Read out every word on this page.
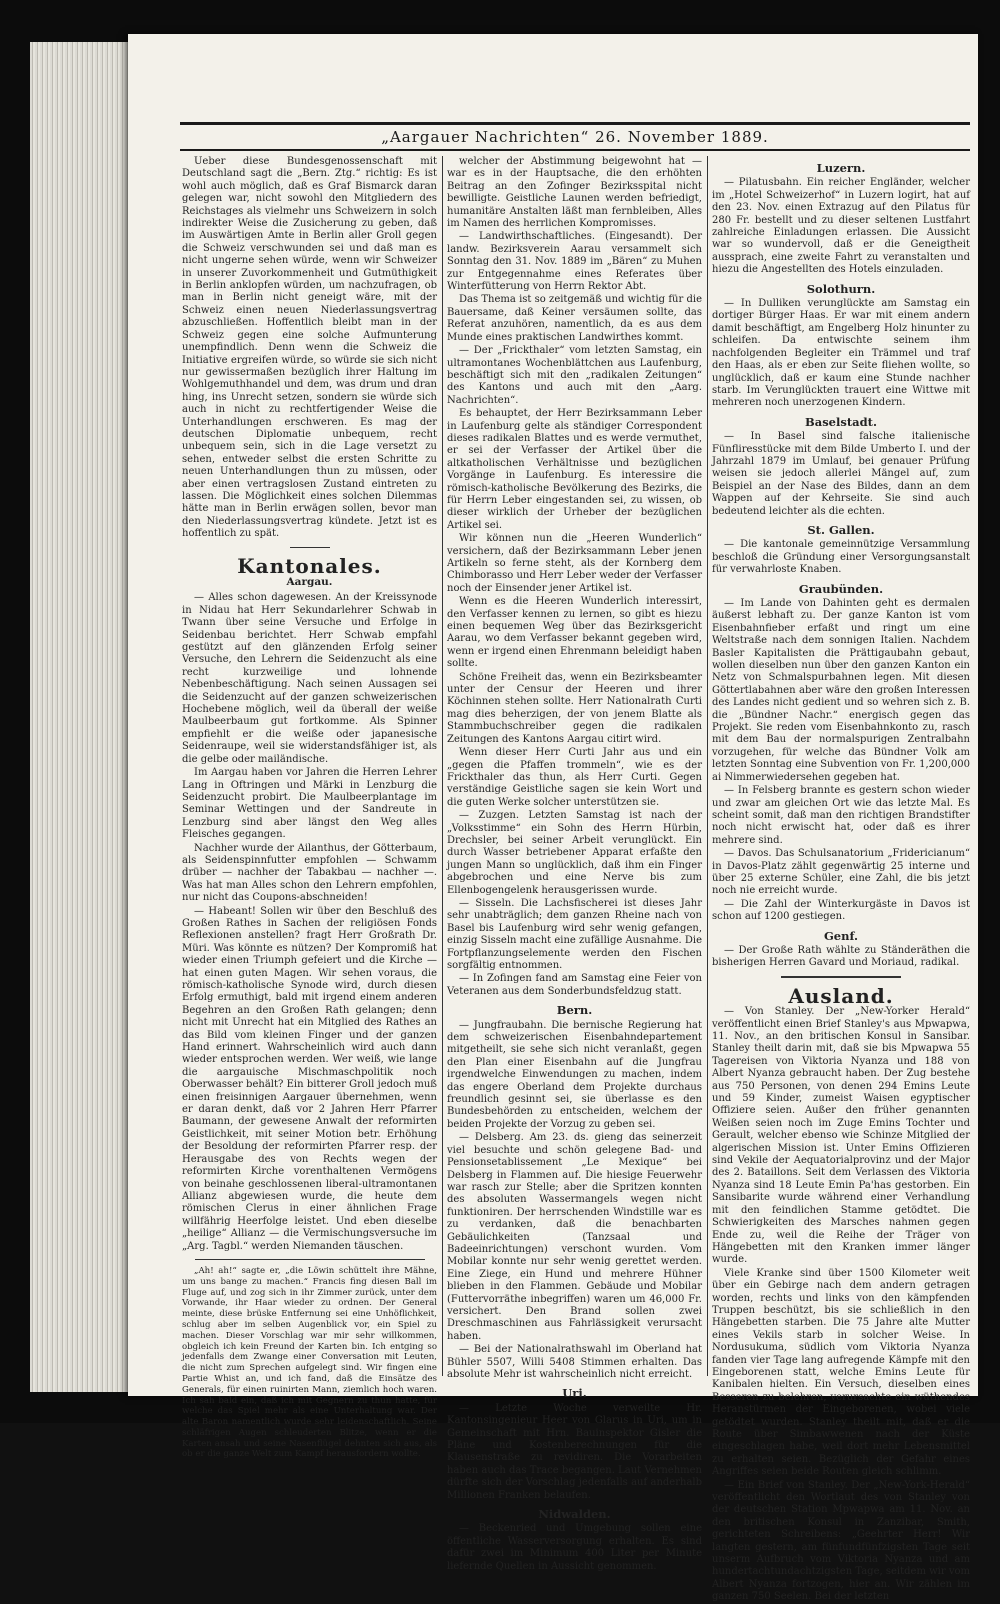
„Aargauer Nachrichten“ 26. November 1889.

Ueber diese Bundesgenossenschaft mit Deutschland sagt die „Bern. Ztg.“ richtig: Es ist wohl auch möglich, daß es Graf Bismarck daran gelegen war, nicht sowohl den Mitgliedern des Reichstages als vielmehr uns Schweizern in solch indirekter Weise die Zusicherung zu geben, daß im Auswärtigen Amte in Berlin aller Groll gegen die Schweiz verschwunden sei und daß man es nicht ungerne sehen würde, wenn wir Schweizer in unserer Zuvorkommenheit und Gutmüthigkeit in Berlin anklopfen würden, um nachzufragen, ob man in Berlin nicht geneigt wäre, mit der Schweiz einen neuen Niederlassungsvertrag abzuschließen. Hoffentlich bleibt man in der Schweiz gegen eine solche Aufmunterung unempfindlich. Denn wenn die Schweiz die Initiative ergreifen würde, so würde sie sich nicht nur gewissermaßen bezüglich ihrer Haltung im Wohlgemuthhandel und dem, was drum und dran hing, ins Unrecht setzen, sondern sie würde sich auch in nicht zu rechtfertigender Weise die Unterhandlungen erschweren. Es mag der deutschen Diplomatie unbequem, recht unbequem sein, sich in die Lage versetzt zu sehen, entweder selbst die ersten Schritte zu neuen Unterhandlungen thun zu müssen, oder aber einen vertragslosen Zustand eintreten zu lassen. Die Möglichkeit eines solchen Dilemmas hätte man in Berlin erwägen sollen, bevor man den Niederlassungsvertrag kündete. Jetzt ist es hoffentlich zu spät.

Kantonales.
Aargau.

— Alles schon dagewesen. An der Kreissynode in Nidau hat Herr Sekundarlehrer Schwab in Twann über seine Versuche und Erfolge in Seidenbau berichtet. Herr Schwab empfahl gestützt auf den glänzenden Erfolg seiner Versuche, den Lehrern die Seidenzucht als eine recht kurzweilige und lohnende Nebenbeschäftigung. Nach seinen Aussagen sei die Seidenzucht auf der ganzen schweizerischen Hochebene möglich, weil da überall der weiße Maulbeerbaum gut fortkomme. Als Spinner empfiehlt er die weiße oder japanesische Seidenraupe, weil sie widerstandsfähiger ist, als die gelbe oder mailändische.

Im Aargau haben vor Jahren die Herren Lehrer Lang in Oftringen und Märki in Lenzburg die Seidenzucht probirt. Die Maulbeerplantage im Seminar Wettingen und der Sandreute in Lenzburg sind aber längst den Weg alles Fleisches gegangen.

Nachher wurde der Ailanthus, der Götterbaum, als Seidenspinnfutter empfohlen — Schwamm drüber — nachher der Tabakbau — nachher —. Was hat man Alles schon den Lehrern empfohlen, nur nicht das Coupons-abschneiden!

— Habeant! Sollen wir über den Beschluß des Großen Rathes in Sachen der religiösen Fonds Reflexionen anstellen? fragt Herr Großrath Dr. Müri. Was könnte es nützen? Der Kompromiß hat wieder einen Triumph gefeiert und die Kirche — hat einen guten Magen. Wir sehen voraus, die römisch-katholische Synode wird, durch diesen Erfolg ermuthigt, bald mit irgend einem anderen Begehren an den Großen Rath gelangen; denn nicht mit Unrecht hat ein Mitglied des Rathes an das Bild vom kleinen Finger und der ganzen Hand erinnert. Wahrscheinlich wird auch dann wieder entsprochen werden. Wer weiß, wie lange die aargauische Mischmaschpolitik noch Oberwasser behält? Ein bitterer Groll jedoch muß einen freisinnigen Aargauer übernehmen, wenn er daran denkt, daß vor 2 Jahren Herr Pfarrer Baumann, der gewesene Anwalt der reformirten Geistlichkeit, mit seiner Motion betr. Erhöhung der Besoldung der reformirten Pfarrer resp. der Herausgabe des von Rechts wegen der reformirten Kirche vorenthaltenen Vermögens von beinahe geschlossenen liberal-ultramontanen Allianz abgewiesen wurde, die heute dem römischen Clerus in einer ähnlichen Frage willfährig Heerfolge leistet. Und eben dieselbe „heilige“ Allianz — die Vermischungsversuche im „Arg. Tagbl.“ werden Niemanden täuschen.

„Ah! ah!“ sagte er, „die Löwin schüttelt ihre Mähne, um uns bange zu machen.“ Francis fing diesen Ball im Fluge auf, und zog sich in ihr Zimmer zurück, unter dem Vorwande, ihr Haar wieder zu ordnen. Der General meinte, diese brüske Entfernung sei eine Unhöflichkeit, schlug aber im selben Augenblick vor, ein Spiel zu machen. Dieser Vorschlag war mir sehr willkommen, obgleich ich kein Freund der Karten bin. Ich entging so jedenfalls dem Zwange einer Conversation mit Leuten, die nicht zum Sprechen aufgelegt sind. Wir fingen eine Partie Whist an, und ich fand, daß die Einsätze des Generals, für einen ruinirten Mann, ziemlich hoch waren. Ich sah bald ein, daß ich mit Gegnern zu thun hatte, für welche das Spiel mehr als eine Unterhaltung war. Der alte Baron namentlich wurde sehr leidenschaftlich. Seine schläfrigen Augen schleuderten Blitze, wenn er die Karten ansah und seine Nasenflügel dehnten sich aus, als ob er die ganze Welt zum Kampf herausfordern wollte.

welcher der Abstimmung beigewohnt hat — war es in der Hauptsache, die den erhöhten Beitrag an den Zofinger Bezirksspital nicht bewilligte. Geistliche Launen werden befriedigt, humanitäre Anstalten läßt man fernbleiben, Alles im Namen des herrlichen Kompromisses.

— Landwirthschaftliches. (Eingesandt). Der landw. Bezirksverein Aarau versammelt sich Sonntag den 31. Nov. 1889 im „Bären“ zu Muhen zur Entgegennahme eines Referates über Winterfütterung von Herrn Rektor Abt.

Das Thema ist so zeitgemäß und wichtig für die Bauersame, daß Keiner versäumen sollte, das Referat anzuhören, namentlich, da es aus dem Munde eines praktischen Landwirthes kommt.

— Der „Frickthaler“ vom letzten Samstag, ein ultramontanes Wochenblättchen aus Laufenburg, beschäftigt sich mit den „radikalen Zeitungen“ des Kantons und auch mit den „Aarg. Nachrichten“.

Es behauptet, der Herr Bezirksammann Leber in Laufenburg gelte als ständiger Correspondent dieses radikalen Blattes und es werde vermuthet, er sei der Verfasser der Artikel über die altkatholischen Verhältnisse und bezüglichen Vorgänge in Laufenburg. Es interessire die römisch-katholische Bevölkerung des Bezirks, die für Herrn Leber eingestanden sei, zu wissen, ob dieser wirklich der Urheber der bezüglichen Artikel sei.

Wir können nun die „Heeren Wunderlich“ versichern, daß der Bezirksammann Leber jenen Artikeln so ferne steht, als der Kornberg dem Chimborasso und Herr Leber weder der Verfasser noch der Einsender jener Artikel ist.

Wenn es die Heeren Wunderlich interessirt, den Verfasser kennen zu lernen, so gibt es hiezu einen bequemen Weg über das Bezirksgericht Aarau, wo dem Verfasser bekannt gegeben wird, wenn er irgend einen Ehrenmann beleidigt haben sollte.

Schöne Freiheit das, wenn ein Bezirksbeamter unter der Censur der Heeren und ihrer Köchinnen stehen sollte. Herr Nationalrath Curti mag dies beherzigen, der von jenem Blatte als Stammbuchschreiber gegen die radikalen Zeitungen des Kantons Aargau citirt wird.

Wenn dieser Herr Curti Jahr aus und ein „gegen die Pfaffen trommeln“, wie es der Frickthaler das thun, als Herr Curti. Gegen verständige Geistliche sagen sie kein Wort und die guten Werke solcher unterstützen sie.

— Zuzgen. Letzten Samstag ist nach der „Volksstimme“ ein Sohn des Herrn Hürbin, Drechsler, bei seiner Arbeit verunglückt. Ein durch Wasser betriebener Apparat erfaßte den jungen Mann so unglücklich, daß ihm ein Finger abgebrochen und eine Nerve bis zum Ellenbogengelenk herausgerissen wurde.

— Sisseln. Die Lachsfischerei ist dieses Jahr sehr unabträglich; dem ganzen Rheine nach von Basel bis Laufenburg wird sehr wenig gefangen, einzig Sisseln macht eine zufällige Ausnahme. Die Fortpflanzungselemente werden den Fischen sorgfältig entnommen.

— In Zofingen fand am Samstag eine Feier von Veteranen aus dem Sonderbundsfeldzug statt.

Bern.

— Jungfraubahn. Die bernische Regierung hat dem schweizerischen Eisenbahndepartement mitgetheilt, sie sehe sich nicht veranlaßt, gegen den Plan einer Eisenbahn auf die Jungfrau irgendwelche Einwendungen zu machen, indem das engere Oberland dem Projekte durchaus freundlich gesinnt sei, sie überlasse es den Bundesbehörden zu entscheiden, welchem der beiden Projekte der Vorzug zu geben sei.

— Delsberg. Am 23. ds. gieng das seinerzeit viel besuchte und schön gelegene Bad- und Pensionsetablissement „Le Mexique“ bei Delsberg in Flammen auf. Die hiesige Feuerwehr war rasch zur Stelle; aber die Spritzen konnten des absoluten Wassermangels wegen nicht funktioniren. Der herrschenden Windstille war es zu verdanken, daß die benachbarten Gebäulichkeiten (Tanzsaal und Badeeinrichtungen) verschont wurden. Vom Mobilar konnte nur sehr wenig gerettet werden. Eine Ziege, ein Hund und mehrere Hühner blieben in den Flammen. Gebäude und Mobilar (Futtervorräthe inbegriffen) waren um 46,000 Fr. versichert. Den Brand sollen zwei Dreschmaschinen aus Fahrlässigkeit verursacht haben.

— Bei der Nationalrathswahl im Oberland hat Bühler 5507, Willi 5408 Stimmen erhalten. Das absolute Mehr ist wahrscheinlich nicht erreicht.

Uri.

— Letzte Woche verweilte Hr. Kantonsingenieur Heer von Glarus in Uri, um in Gemeinschaft mit Hrn. Bauinspektor Gisler die Pläne und Kostenberechnungen für die Klausenstraße zu revidiren. Die Vorarbeiten haben auch das Trace begangen. Laut Vernehmen dürfte sich der Vorschlag jedenfalls auf anderhalb Millionen Franken belaufen.

Nidwalden.

— Beckenried und Umgebung sollen eine öffentliche Wasserversorgung erhalten. Es sind dafür zwei im Minimum 400 Liter per Minute liefernde Quellen in Aussicht genommen.

Luzern.

— Pilatusbahn. Ein reicher Engländer, welcher im „Hotel Schweizerhof“ in Luzern logirt, hat auf den 23. Nov. einen Extrazug auf den Pilatus für 280 Fr. bestellt und zu dieser seltenen Lustfahrt zahlreiche Einladungen erlassen. Die Aussicht war so wundervoll, daß er die Geneigtheit aussprach, eine zweite Fahrt zu veranstalten und hiezu die Angestellten des Hotels einzuladen.

Solothurn.

— In Dulliken verunglückte am Samstag ein dortiger Bürger Haas. Er war mit einem andern damit beschäftigt, am Engelberg Holz hinunter zu schleifen. Da entwischte seinem ihm nachfolgenden Begleiter ein Trämmel und traf den Haas, als er eben zur Seite fliehen wollte, so unglücklich, daß er kaum eine Stunde nachher starb. Im Verunglückten trauert eine Wittwe mit mehreren noch unerzogenen Kindern.

Baselstadt.

— In Basel sind falsche italienische Fünfliresstücke mit dem Bilde Umberto I. und der Jahrzahl 1879 im Umlauf, bei genauer Prüfung weisen sie jedoch allerlei Mängel auf, zum Beispiel an der Nase des Bildes, dann an dem Wappen auf der Kehrseite. Sie sind auch bedeutend leichter als die echten.

St. Gallen.

— Die kantonale gemeinnützige Versammlung beschloß die Gründung einer Versorgungsanstalt für verwahrloste Knaben.

Graubünden.

— Im Lande von Dahinten geht es dermalen äußerst lebhaft zu. Der ganze Kanton ist vom Eisenbahnfieber erfaßt und ringt um eine Weltstraße nach dem sonnigen Italien. Nachdem Basler Kapitalisten die Prättigaubahn gebaut, wollen dieselben nun über den ganzen Kanton ein Netz von Schmalspurbahnen legen. Mit diesen Göttertlabahnen aber wäre den großen Interessen des Landes nicht gedient und so wehren sich z. B. die „Bündner Nachr.“ energisch gegen das Projekt. Sie reden vom Eisenbahnkonto zu, rasch mit dem Bau der normalspurigen Zentralbahn vorzugehen, für welche das Bündner Volk am letzten Sonntag eine Subvention von Fr. 1,200,000 ai Nimmerwiedersehen gegeben hat.

— In Felsberg brannte es gestern schon wieder und zwar am gleichen Ort wie das letzte Mal. Es scheint somit, daß man den richtigen Brandstifter noch nicht erwischt hat, oder daß es ihrer mehrere sind.

— Davos. Das Schulsanatorium „Fridericianum“ in Davos-Platz zählt gegenwärtig 25 interne und über 25 externe Schüler, eine Zahl, die bis jetzt noch nie erreicht wurde.

— Die Zahl der Winterkurgäste in Davos ist schon auf 1200 gestiegen.

Genf.

— Der Große Rath wählte zu Ständeräthen die bisherigen Herren Gavard und Moriaud, radikal.

Ausland.

— Von Stanley. Der „New-Yorker Herald“ veröffentlicht einen Brief Stanley's aus Mpwapwa, 11. Nov., an den britischen Konsul in Sansibar. Stanley theilt darin mit, daß sie bis Mpwapwa 55 Tagereisen von Viktoria Nyanza und 188 von Albert Nyanza gebraucht haben. Der Zug bestehe aus 750 Personen, von denen 294 Emins Leute und 59 Kinder, zumeist Waisen egyptischer Offiziere seien. Außer den früher genannten Weißen seien noch im Zuge Emins Tochter und Gerault, welcher ebenso wie Schinze Mitglied der algerischen Mission ist. Unter Emins Offizieren sind Vekile der Aequatorialprovinz und der Major des 2. Bataillons. Seit dem Verlassen des Viktoria Nyanza sind 18 Leute Emin Pa'has gestorben. Ein Sansibarite wurde während einer Verhandlung mit den feindlichen Stamme getödtet. Die Schwierigkeiten des Marsches nahmen gegen Ende zu, weil die Reihe der Träger von Hängebetten mit den Kranken immer länger wurde.

Viele Kranke sind über 1500 Kilometer weit über ein Gebirge nach dem andern getragen worden, rechts und links von den kämpfenden Truppen beschützt, bis sie schließlich in den Hängebetten starben. Die 75 Jahre alte Mutter eines Vekils starb in solcher Weise. In Nordusukuma, südlich vom Viktoria Nyanza fanden vier Tage lang aufregende Kämpfe mit den Eingeborenen statt, welche Emins Leute für Kanibalen hielten. Ein Versuch, dieselben eines Besseren zu belehren, verursachte ein wüthendes Heranstürmen der Eingeborenen, wobei viele getödtet wurden. Stanley theilt mit, daß er die Route über Simbawwenen nach der Küste eingeschlagen habe, weil dort mehr Lebensmittel zu erhalten seien. Bezüglich der Gefahr eines Angriffes seien beide Routen gleich schlimm.

— Ein Brief von Stanley. Der „New-York-Herald“ veröffentlicht den Wortlaut des von Stanley von der deutschen Station Mpwapwa am 11. Nov. an den britischen Konsul in Zanzibar, Smith, gerichteten Schreibens: „Geehrter Herr! Wir langten gestern, am fünfundfünfzigsten Tage seit unserm Aufbruch vom Viktoria Nyanza und am hundertachtundachtzigsten Tage, seitdem wir vom Albert Nyanza fortzogen, hier an. Wir zählen im ganzen 750 Seelen. Bei der letzten
